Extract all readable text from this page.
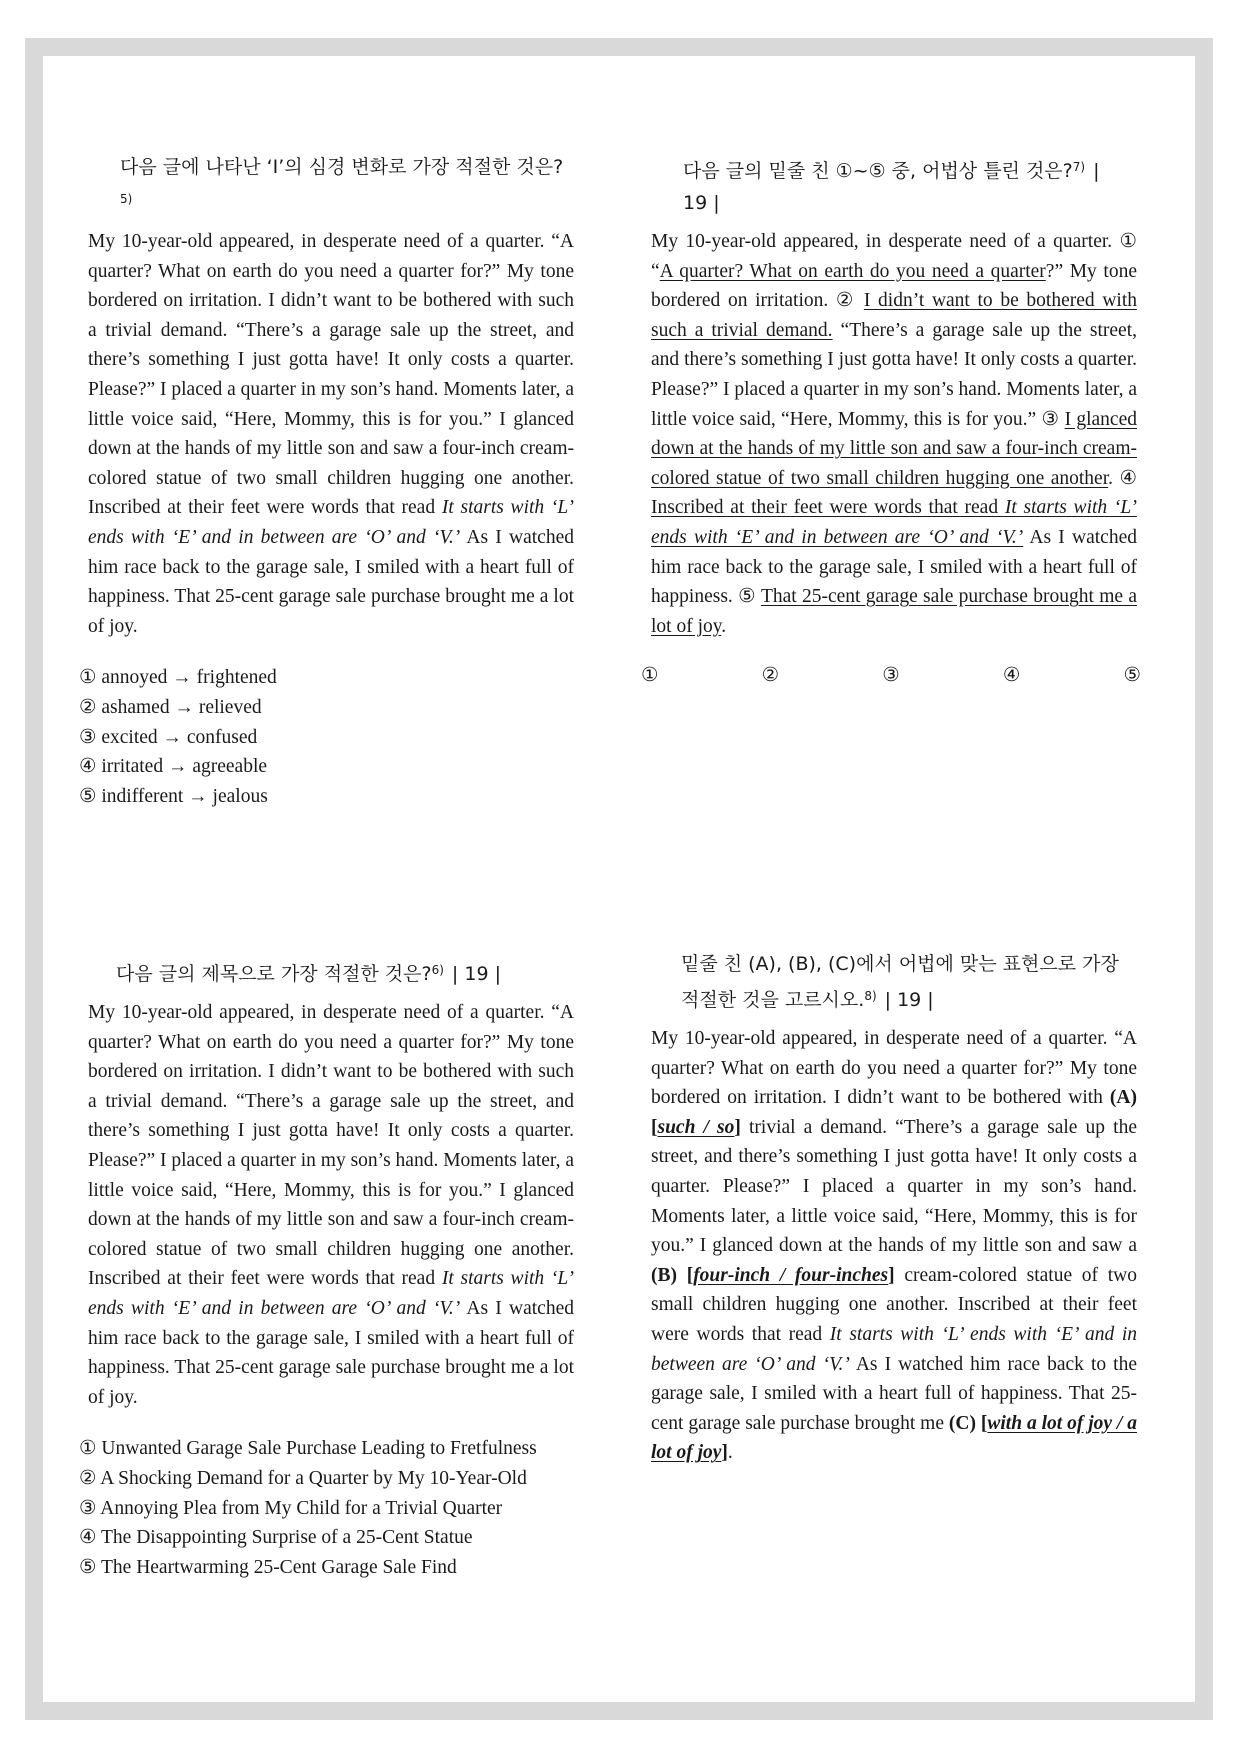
다음 글에 나타난 ‘I’의 심경 변화로 가장 적절한 것은?$^{5)}$

My 10-year-old appeared, in desperate need of a quarter. “A quarter? What on earth do you need a quarter for?” My tone bordered on irritation. I didn’t want to be bothered with such a trivial demand. “There’s a garage sale up the street, and there’s something I just gotta have! It only costs a quarter. Please?” I placed a quarter in my son’s hand. Moments later, a little voice said, “Here, Mommy, this is for you.” I glanced down at the hands of my little son and saw a four-inch cream-colored statue of two small children hugging one another. Inscribed at their feet were words that read It starts with ‘L’ ends with ‘E’ and in between are ‘O’ and ‘V.’ As I watched him race back to the garage sale, I smiled with a heart full of happiness. That 25-cent garage sale purchase brought me a lot of joy.

① annoyed → frightened
② ashamed → relieved
③ excited → confused
④ irritated → agreeable
⑤ indifferent → jealous
다음 글의 밑줄 친 ①~⑤ 중, 어법상 틀린 것은?$^{7)}$ | 19 |

My 10-year-old appeared, in desperate need of a quarter. ① “A quarter? What on earth do you need a quarter?” My tone bordered on irritation. ② I didn’t want to be bothered with such a trivial demand. “There’s a garage sale up the street, and there’s something I just gotta have! It only costs a quarter. Please?” I placed a quarter in my son’s hand. Moments later, a little voice said, “Here, Mommy, this is for you.” ③ I glanced down at the hands of my little son and saw a four-inch cream-colored statue of two small children hugging one another. ④ Inscribed at their feet were words that read It starts with ‘L’ ends with ‘E’ and in between are ‘O’ and ‘V.’ As I watched him race back to the garage sale, I smiled with a heart full of happiness. ⑤ That 25-cent garage sale purchase brought me a lot of joy.

①	②	③	④	⑤
다음 글의 제목으로 가장 적절한 것은?$^{6)}$ | 19 |

My 10-year-old appeared, in desperate need of a quarter. “A quarter? What on earth do you need a quarter for?” My tone bordered on irritation. I didn’t want to be bothered with such a trivial demand. “There’s a garage sale up the street, and there’s something I just gotta have! It only costs a quarter. Please?” I placed a quarter in my son’s hand. Moments later, a little voice said, “Here, Mommy, this is for you.” I glanced down at the hands of my little son and saw a four-inch cream-colored statue of two small children hugging one another. Inscribed at their feet were words that read It starts with ‘L’ ends with ‘E’ and in between are ‘O’ and ‘V.’ As I watched him race back to the garage sale, I smiled with a heart full of happiness. That 25-cent garage sale purchase brought me a lot of joy.

① Unwanted Garage Sale Purchase Leading to Fretfulness
② A Shocking Demand for a Quarter by My 10-Year-Old
③ Annoying Plea from My Child for a Trivial Quarter
④ The Disappointing Surprise of a 25-Cent Statue
⑤ The Heartwarming 25-Cent Garage Sale Find
밑줄 친 (A), (B), (C)에서 어법에 맞는 표현으로 가장 적절한 것을 고르시오.$^{8)}$ | 19 |

My 10-year-old appeared, in desperate need of a quarter. “A quarter? What on earth do you need a quarter for?” My tone bordered on irritation. I didn’t want to be bothered with (A) [such / so] trivial a demand. “There’s a garage sale up the street, and there’s something I just gotta have! It only costs a quarter. Please?” I placed a quarter in my son’s hand. Moments later, a little voice said, “Here, Mommy, this is for you.” I glanced down at the hands of my little son and saw a (B) [four-inch / four-inches] cream-colored statue of two small children hugging one another. Inscribed at their feet were words that read It starts with ‘L’ ends with ‘E’ and in between are ‘O’ and ‘V.’ As I watched him race back to the garage sale, I smiled with a heart full of happiness. That 25-cent garage sale purchase brought me (C) [with a lot of joy / a lot of joy].
